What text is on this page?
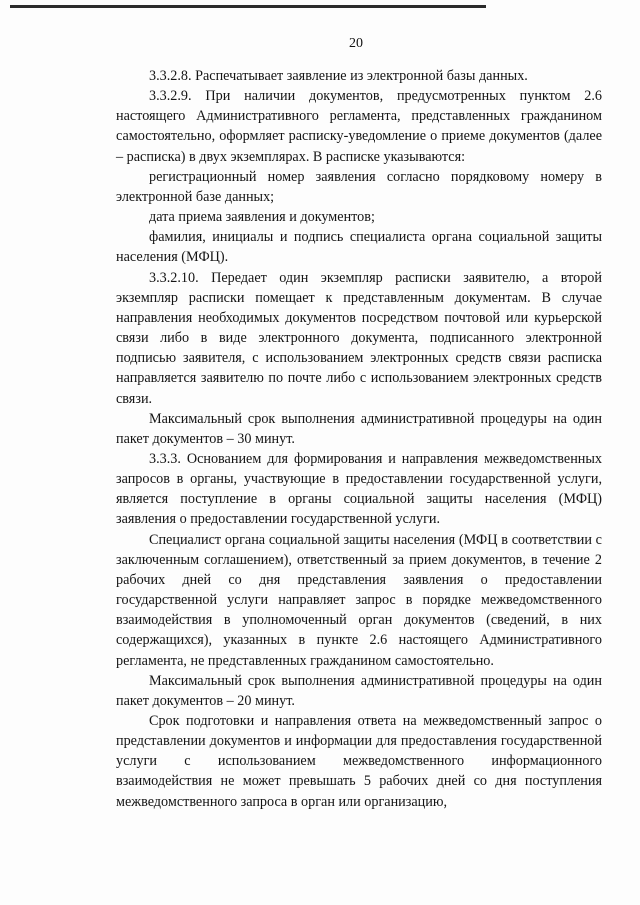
20

3.3.2.8. Распечатывает заявление из электронной базы данных.

3.3.2.9. При наличии документов, предусмотренных пунктом 2.6 настоящего Административного регламента, представленных гражданином самостоятельно, оформляет расписку-уведомление о приеме документов (далее – расписка) в двух экземплярах. В расписке указываются:

регистрационный номер заявления согласно порядковому номеру в электронной базе данных;

дата приема заявления и документов;

фамилия, инициалы и подпись специалиста органа социальной защиты населения (МФЦ).

3.3.2.10. Передает один экземпляр расписки заявителю, а второй экземпляр расписки помещает к представленным документам. В случае направления необходимых документов посредством почтовой или курьерской связи либо в виде электронного документа, подписанного электронной подписью заявителя, с использованием электронных средств связи расписка направляется заявителю по почте либо с использованием электронных средств связи.

Максимальный срок выполнения административной процедуры на один пакет документов – 30 минут.

3.3.3. Основанием для формирования и направления межведомственных запросов в органы, участвующие в предоставлении государственной услуги, является поступление в органы социальной защиты населения (МФЦ) заявления о предоставлении государственной услуги.

Специалист органа социальной защиты населения (МФЦ в соответствии с заключенным соглашением), ответственный за прием документов, в течение 2 рабочих дней со дня представления заявления о предоставлении государственной услуги направляет запрос в порядке межведомственного взаимодействия в уполномоченный орган документов (сведений, в них содержащихся), указанных в пункте 2.6 настоящего Административного регламента, не представленных гражданином самостоятельно.

Максимальный срок выполнения административной процедуры на один пакет документов – 20 минут.

Срок подготовки и направления ответа на межведомственный запрос о представлении документов и информации для предоставления государственной услуги с использованием межведомственного информационного взаимодействия не может превышать 5 рабочих дней со дня поступления межведомственного запроса в орган или организацию,
